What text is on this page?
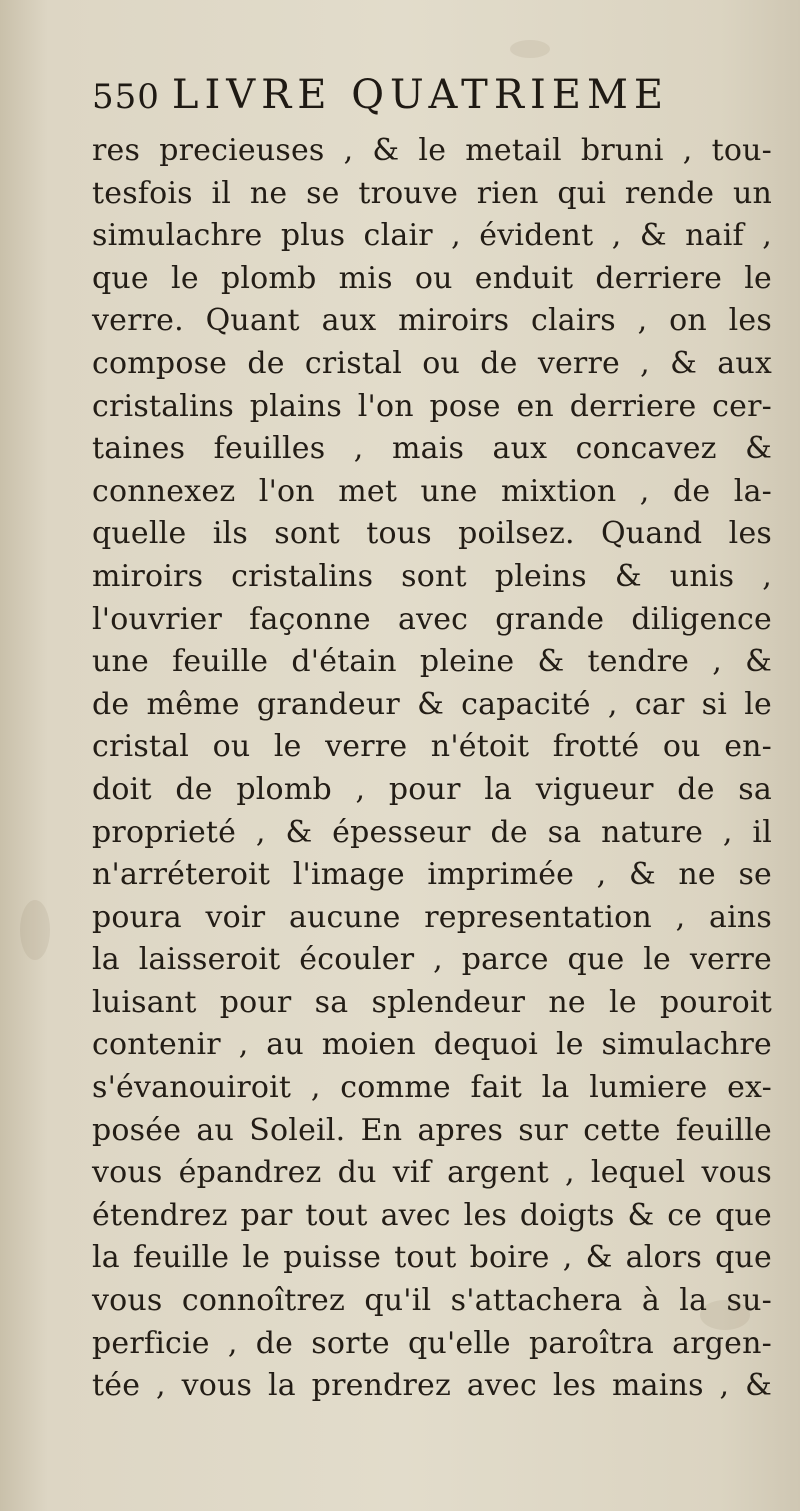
550 LIVRE QUATRIEME
res precieuses , & le metail bruni , tou-
tesfois il ne se trouve rien qui rende un
simulachre plus clair , évident , & naif ,
que le plomb mis ou enduit derriere le
verre. Quant aux miroirs clairs , on les
compose de cristal ou de verre , & aux
cristalins plains l'on pose en derriere cer-
taines feuilles , mais aux concavez &
connexez l'on met une mixtion , de la-
quelle ils sont tous poilsez. Quand les
miroirs cristalins sont pleins & unis ,
l'ouvrier façonne avec grande diligence
une feuille d'étain pleine & tendre , &
de même grandeur & capacité , car si le
cristal ou le verre n'étoit frotté ou en-
doit de plomb , pour la vigueur de sa
proprieté , & épesseur de sa nature , il
n'arréteroit l'image imprimée , & ne se
poura voir aucune representation , ains
la laisseroit écouler , parce que le verre
luisant pour sa splendeur ne le pouroit
contenir , au moien dequoi le simulachre
s'évanouiroit , comme fait la lumiere ex-
posée au Soleil. En apres sur cette feuille
vous épandrez du vif argent , lequel vous
étendrez par tout avec les doigts & ce que
la feuille le puisse tout boire , & alors que
vous connoîtrez qu'il s'attachera à la su-
perficie , de sorte qu'elle paroîtra argen-
tée , vous la prendrez avec les mains , &
